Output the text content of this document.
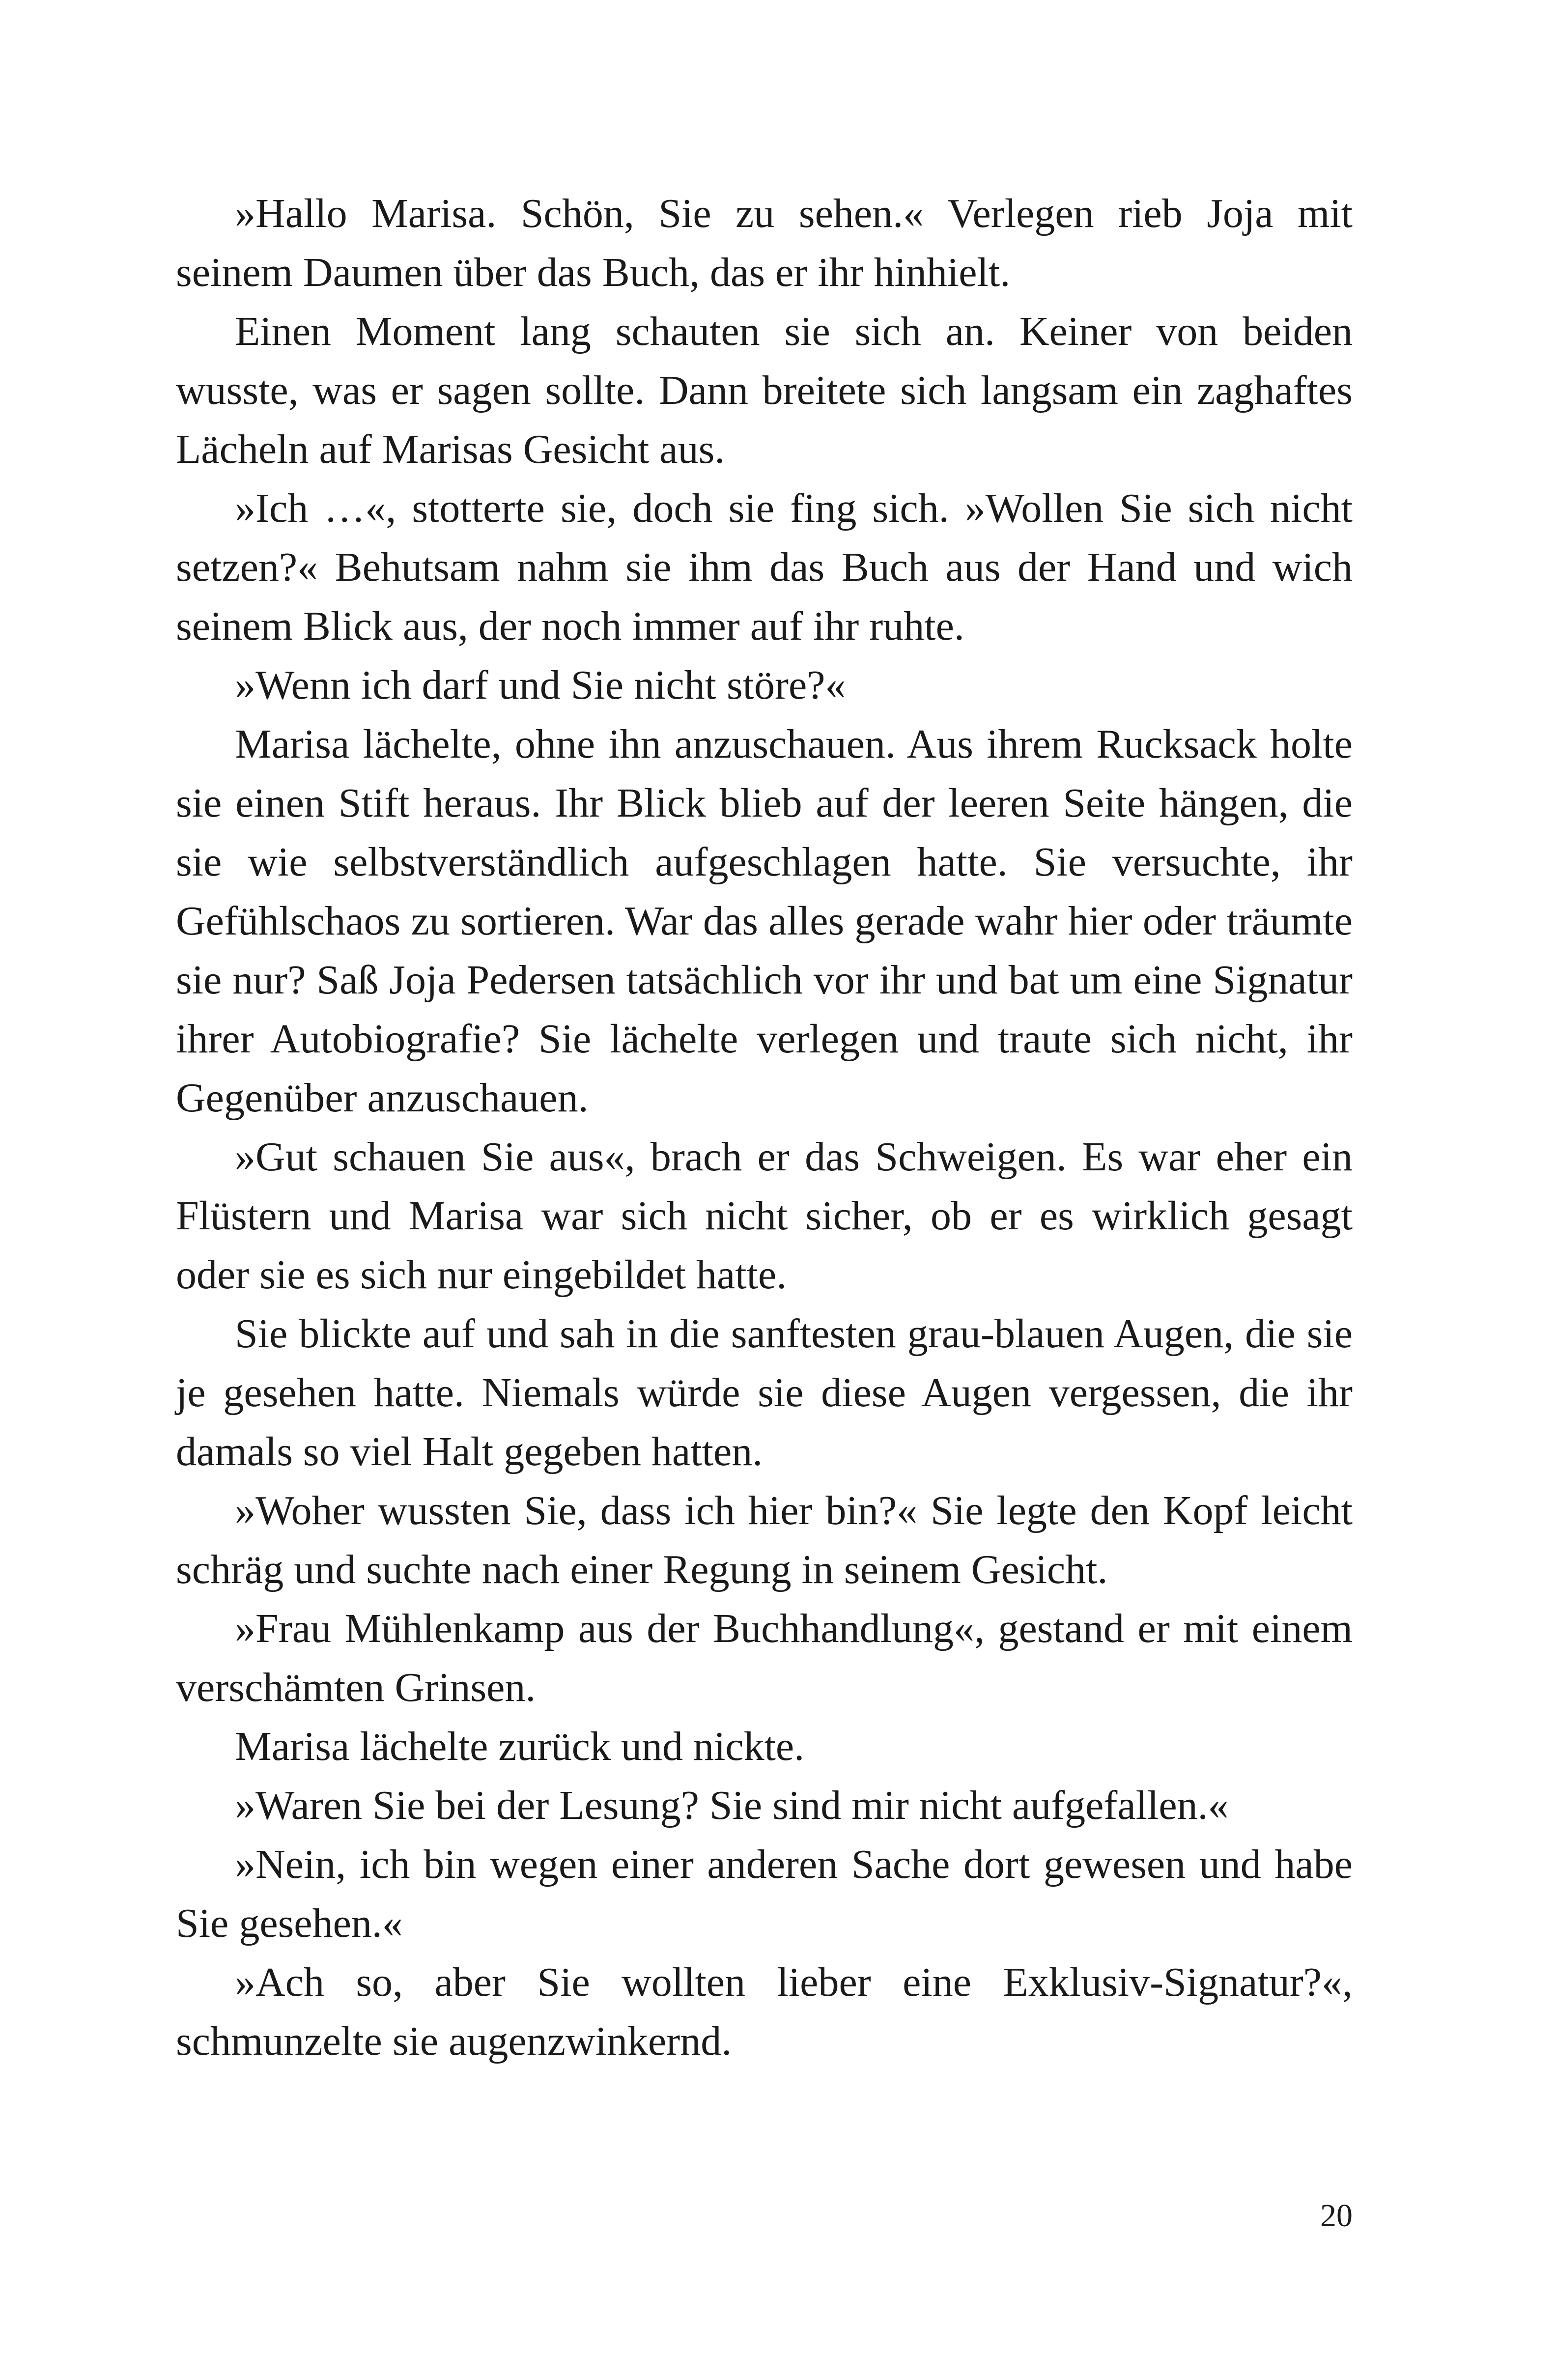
»Hallo Marisa. Schön, Sie zu sehen.« Verlegen rieb Joja mit seinem Daumen über das Buch, das er ihr hinhielt.

Einen Moment lang schauten sie sich an. Keiner von beiden wusste, was er sagen sollte. Dann breitete sich langsam ein zaghaftes Lächeln auf Marisas Gesicht aus.

»Ich …«, stotterte sie, doch sie fing sich. »Wollen Sie sich nicht setzen?« Behutsam nahm sie ihm das Buch aus der Hand und wich seinem Blick aus, der noch immer auf ihr ruhte.

»Wenn ich darf und Sie nicht störe?«

Marisa lächelte, ohne ihn anzuschauen. Aus ihrem Rucksack holte sie einen Stift heraus. Ihr Blick blieb auf der leeren Seite hängen, die sie wie selbstverständlich aufgeschlagen hatte. Sie versuchte, ihr Gefühlschaos zu sortieren. War das alles gerade wahr hier oder träumte sie nur? Saß Joja Pedersen tatsächlich vor ihr und bat um eine Signatur ihrer Autobiografie? Sie lächelte verlegen und traute sich nicht, ihr Gegenüber anzuschauen.

»Gut schauen Sie aus«, brach er das Schweigen. Es war eher ein Flüstern und Marisa war sich nicht sicher, ob er es wirklich gesagt oder sie es sich nur eingebildet hatte.

Sie blickte auf und sah in die sanftesten grau-blauen Augen, die sie je gesehen hatte. Niemals würde sie diese Augen vergessen, die ihr damals so viel Halt gegeben hatten.

»Woher wussten Sie, dass ich hier bin?« Sie legte den Kopf leicht schräg und suchte nach einer Regung in seinem Gesicht.

»Frau Mühlenkamp aus der Buchhandlung«, gestand er mit einem verschämten Grinsen.

Marisa lächelte zurück und nickte.

»Waren Sie bei der Lesung? Sie sind mir nicht aufgefallen.«

»Nein, ich bin wegen einer anderen Sache dort gewesen und habe Sie gesehen.«

»Ach so, aber Sie wollten lieber eine Exklusiv-Signatur?«, schmunzelte sie augenzwinkernd.

20
